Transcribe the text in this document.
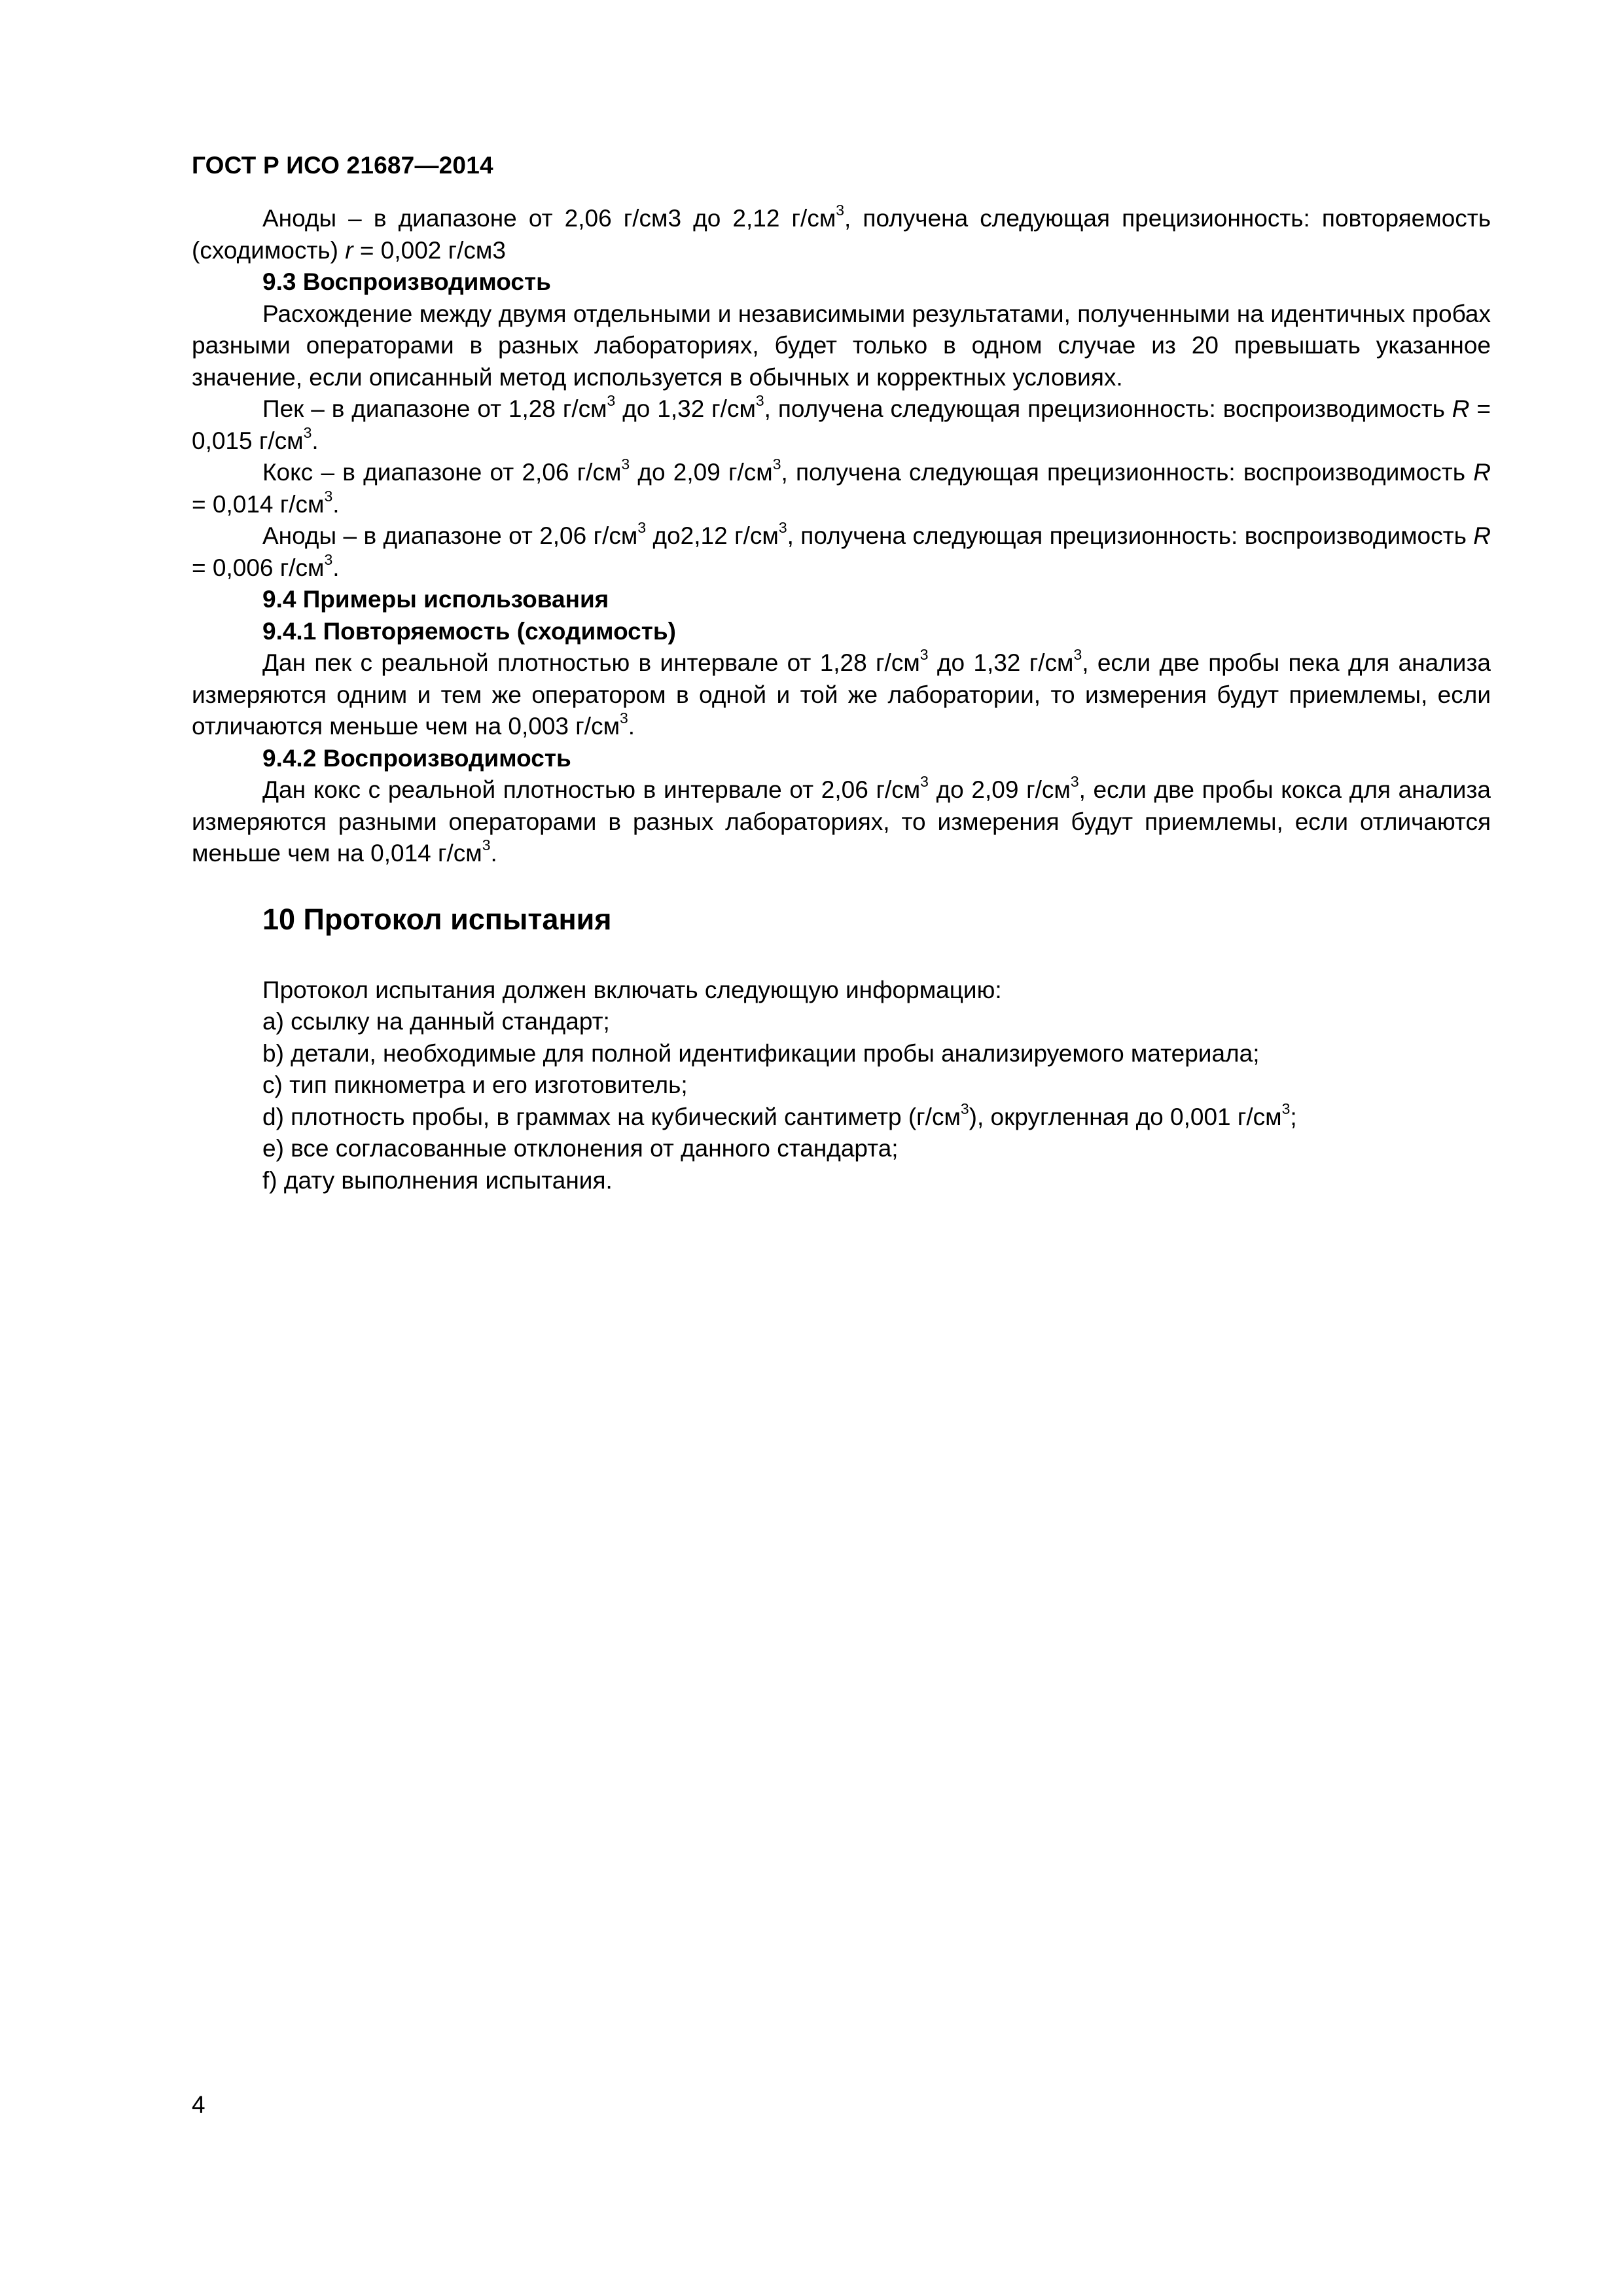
ГОСТ Р ИСО 21687—2014

Аноды – в диапазоне от 2,06 г/см3 до 2,12 $г/см^3$, получена следующая прецизионность: повторяемость (сходимость) r = 0,002 г/см3

9.3 Воспроизводимость

Расхождение между двумя отдельными и независимыми результатами, полученными на идентичных пробах разными операторами в разных лабораториях, будет только в одном случае из 20 превышать указанное значение, если описанный метод используется в обычных и корректных условиях.

Пек – в диапазоне от 1,28 $г/см^3$ до 1,32 $г/см^3$, получена следующая прецизионность: воспроизводимость R = 0,015 $г/см^3$.

Кокс – в диапазоне от 2,06 $г/см^3$ до 2,09 $г/см^3$, получена следующая прецизионность: воспроизводимость R = 0,014 $г/см^3$.

Аноды – в диапазоне от 2,06 $г/см^3$ до2,12 $г/см^3$, получена следующая прецизионность: воспроизводимость R = 0,006 $г/см^3$.

9.4 Примеры использования

9.4.1 Повторяемость (сходимость)

Дан пек с реальной плотностью в интервале от 1,28 $г/см^3$ до 1,32 $г/см^3$, если две пробы пека для анализа измеряются одним и тем же оператором в одной и той же лаборатории, то измерения будут приемлемы, если отличаются меньше чем на 0,003 $г/см^3$.

9.4.2 Воспроизводимость

Дан кокс с реальной плотностью в интервале от 2,06 $г/см^3$ до 2,09 $г/см^3$, если две пробы кокса для анализа измеряются разными операторами в разных лабораториях, то измерения будут приемлемы, если отличаются меньше чем на 0,014 $г/см^3$.

10 Протокол испытания

Протокол испытания должен включать следующую информацию:

а) ссылку на данный стандарт;

b) детали, необходимые для полной идентификации пробы анализируемого материала;

с) тип пикнометра и его изготовитель;

d) плотность пробы, в граммах на кубический сантиметр $(г/см^3)$, округленная до 0,001 $г/см^3$;

е) все согласованные отклонения от данного стандарта;

f) дату выполнения испытания.

4
